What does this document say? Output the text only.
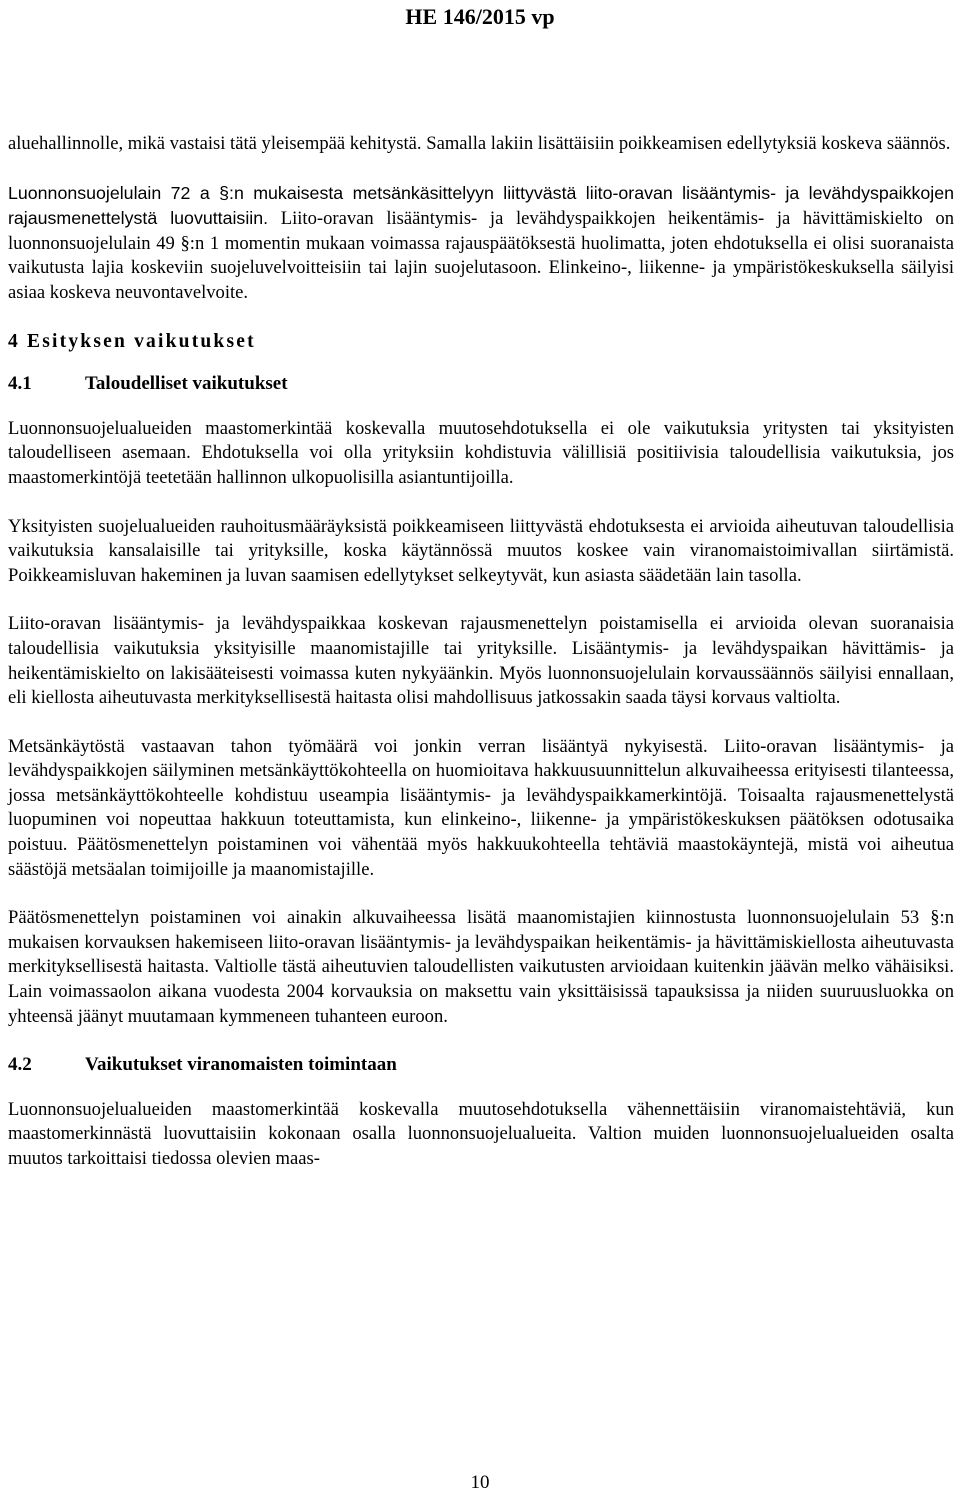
HE 146/2015 vp

aluehallinnolle, mikä vastaisi tätä yleisempää kehitystä. Samalla lakiin lisättäisiin poikkeamisen edellytyksiä koskeva säännös.

Luonnonsuojelulain 72 a §:n mukaisesta metsänkäsittelyyn liittyvästä liito-oravan lisääntymis- ja levähdyspaikkojen rajausmenettelystä luovuttaisiin. Liito-oravan lisääntymis- ja levähdyspaikkojen heikentämis- ja hävittämiskielto on luonnonsuojelulain 49 §:n 1 momentin mukaan voimassa rajauspäätöksestä huolimatta, joten ehdotuksella ei olisi suoranaista vaikutusta lajia koskeviin suojeluvelvoitteisiin tai lajin suojelutasoon. Elinkeino-, liikenne- ja ympäristökeskuksella säilyisi asiaa koskeva neuvontavelvoite.

4 Esityksen vaikutukset
4.1	Taloudelliset vaikutukset

Luonnonsuojelualueiden maastomerkintää koskevalla muutosehdotuksella ei ole vaikutuksia yritysten tai yksityisten taloudelliseen asemaan. Ehdotuksella voi olla yrityksiin kohdistuvia välillisiä positiivisia taloudellisia vaikutuksia, jos maastomerkintöjä teetetään hallinnon ulkopuolisilla asiantuntijoilla.

Yksityisten suojelualueiden rauhoitusmääräyksistä poikkeamiseen liittyvästä ehdotuksesta ei arvioida aiheutuvan taloudellisia vaikutuksia kansalaisille tai yrityksille, koska käytännössä muutos koskee vain viranomaistoimivallan siirtämistä. Poikkeamisluvan hakeminen ja luvan saamisen edellytykset selkeytyvät, kun asiasta säädetään lain tasolla.

Liito-oravan lisääntymis- ja levähdyspaikkaa koskevan rajausmenettelyn poistamisella ei arvioida olevan suoranaisia taloudellisia vaikutuksia yksityisille maanomistajille tai yrityksille. Lisääntymis- ja levähdyspaikan hävittämis- ja heikentämiskielto on lakisääteisesti voimassa kuten nykyäänkin. Myös luonnonsuojelulain korvaussäännös säilyisi ennallaan, eli kiellosta aiheutuvasta merkityksellisestä haitasta olisi mahdollisuus jatkossakin saada täysi korvaus valtiolta.

Metsänkäytöstä vastaavan tahon työmäärä voi jonkin verran lisääntyä nykyisestä. Liito-oravan lisääntymis- ja levähdyspaikkojen säilyminen metsänkäyttökohteella on huomioitava hakkuusuunnittelun alkuvaiheessa erityisesti tilanteessa, jossa metsänkäyttökohteelle kohdistuu useampia lisääntymis- ja levähdyspaikkamerkintöjä. Toisaalta rajausmenettelystä luopuminen voi nopeuttaa hakkuun toteuttamista, kun elinkeino-, liikenne- ja ympäristökeskuksen päätöksen odotusaika poistuu. Päätösmenettelyn poistaminen voi vähentää myös hakkuukohteella tehtäviä maastokäyntejä, mistä voi aiheutua säästöjä metsäalan toimijoille ja maanomistajille.

Päätösmenettelyn poistaminen voi ainakin alkuvaiheessa lisätä maanomistajien kiinnostusta luonnonsuojelulain 53 §:n mukaisen korvauksen hakemiseen liito-oravan lisääntymis- ja levähdyspaikan heikentämis- ja hävittämiskiellosta aiheutuvasta merkityksellisestä haitasta. Valtiolle tästä aiheutuvien taloudellisten vaikutusten arvioidaan kuitenkin jäävän melko vähäisiksi. Lain voimassaolon aikana vuodesta 2004 korvauksia on maksettu vain yksittäisissä tapauksissa ja niiden suuruusluokka on yhteensä jäänyt muutamaan kymmeneen tuhanteen euroon.

4.2	Vaikutukset viranomaisten toimintaan

Luonnonsuojelualueiden maastomerkintää koskevalla muutosehdotuksella vähennettäisiin viranomaistehtäviä, kun maastomerkinnästä luovuttaisiin kokonaan osalla luonnonsuojelualueita. Valtion muiden luonnonsuojelualueiden osalta muutos tarkoittaisi tiedossa olevien maas-

10
